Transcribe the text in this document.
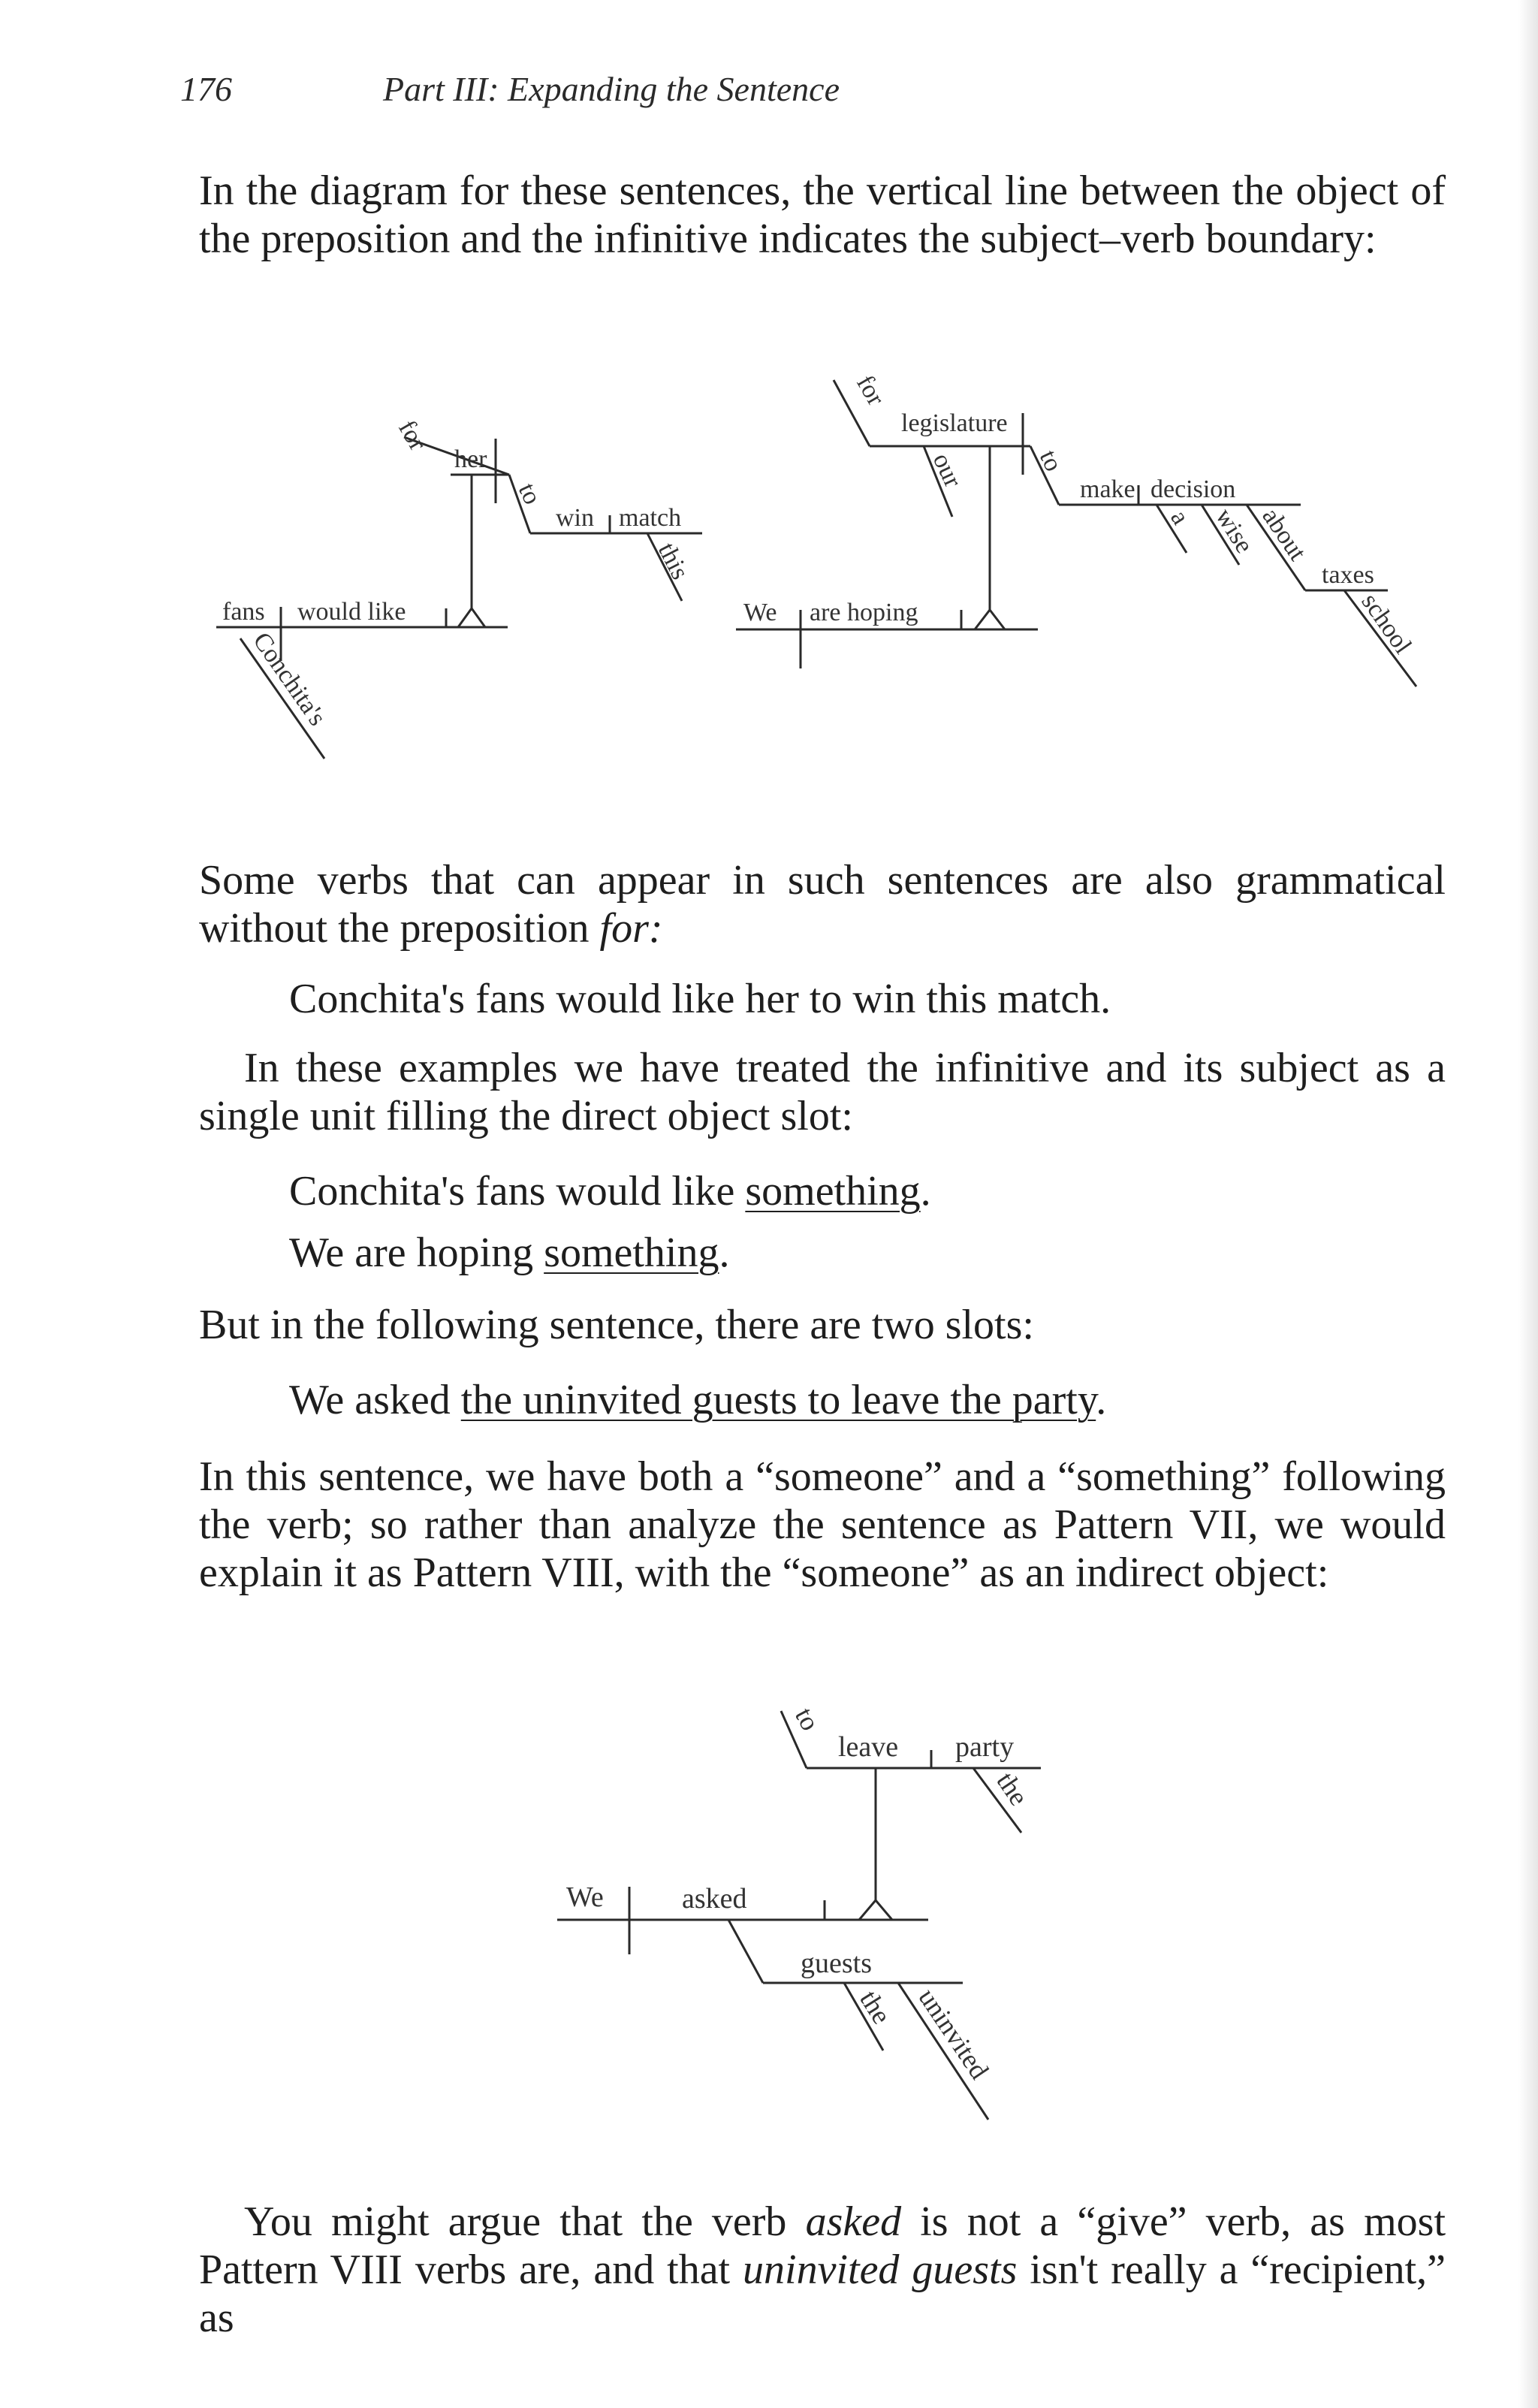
176	Part III: Expanding the Sentence
In the diagram for these sentences, the vertical line between the object of the preposition and the infinitive indicates the subject–verb boundary:
fans would like
for
her
to
win match
this
Conchita's
We are hoping
for
legislature
our	to
make decision
a wise
about
taxes
school
Some verbs that can appear in such sentences are also grammatical without the preposition for:
Conchita's fans would like her to win this match.
In these examples we have treated the infinitive and its subject as a single unit filling the direct object slot:
Conchita's fans would like something.
We are hoping something.
But in the following sentence, there are two slots:
We asked the uninvited guests to leave the party.
In this sentence, we have both a “someone” and a “something” following the verb; so rather than analyze the sentence as Pattern VII, we would explain it as Pattern VIII, with the “someone” as an indirect object:
We	asked
to
leave party
the
guests
the uninvited
You might argue that the verb asked is not a “give” verb, as most Pattern VIII verbs are, and that uninvited guests isn't really a “recipient,” as
